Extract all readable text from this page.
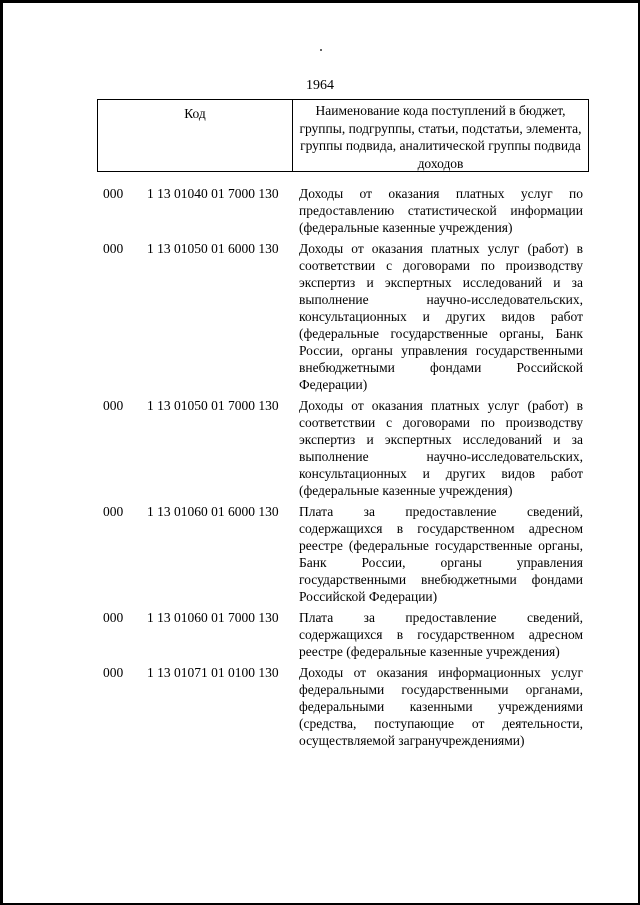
1964
Код	Наименование кода поступлений в бюджет, группы, подгруппы, статьи, подстатьи, элемента, группы подвида, аналитической группы подвида доходов
000 1 13 01040 01 7000 130 Доходы от оказания платных услуг по предоставлению статистической информации (федеральные казенные учреждения)
000 1 13 01050 01 6000 130 Доходы от оказания платных услуг (работ) в соответствии с договорами по производству экспертиз и экспертных исследований и за выполнение научно-исследовательских, консультационных и других видов работ (федеральные государственные органы, Банк России, органы управления государственными внебюджетными фондами Российской Федерации)
000 1 13 01050 01 7000 130 Доходы от оказания платных услуг (работ) в соответствии с договорами по производству экспертиз и экспертных исследований и за выполнение научно-исследовательских, консультационных и других видов работ (федеральные казенные учреждения)
000 1 13 01060 01 6000 130 Плата за предоставление сведений, содержащихся в государственном адресном реестре (федеральные государственные органы, Банк России, органы управления государственными внебюджетными фондами Российской Федерации)
000 1 13 01060 01 7000 130 Плата за предоставление сведений, содержащихся в государственном адресном реестре (федеральные казенные учреждения)
000 1 13 01071 01 0100 130 Доходы от оказания информационных услуг федеральными государственными органами, федеральными казенными учреждениями (средства, поступающие от деятельности, осуществляемой загранучреждениями)
